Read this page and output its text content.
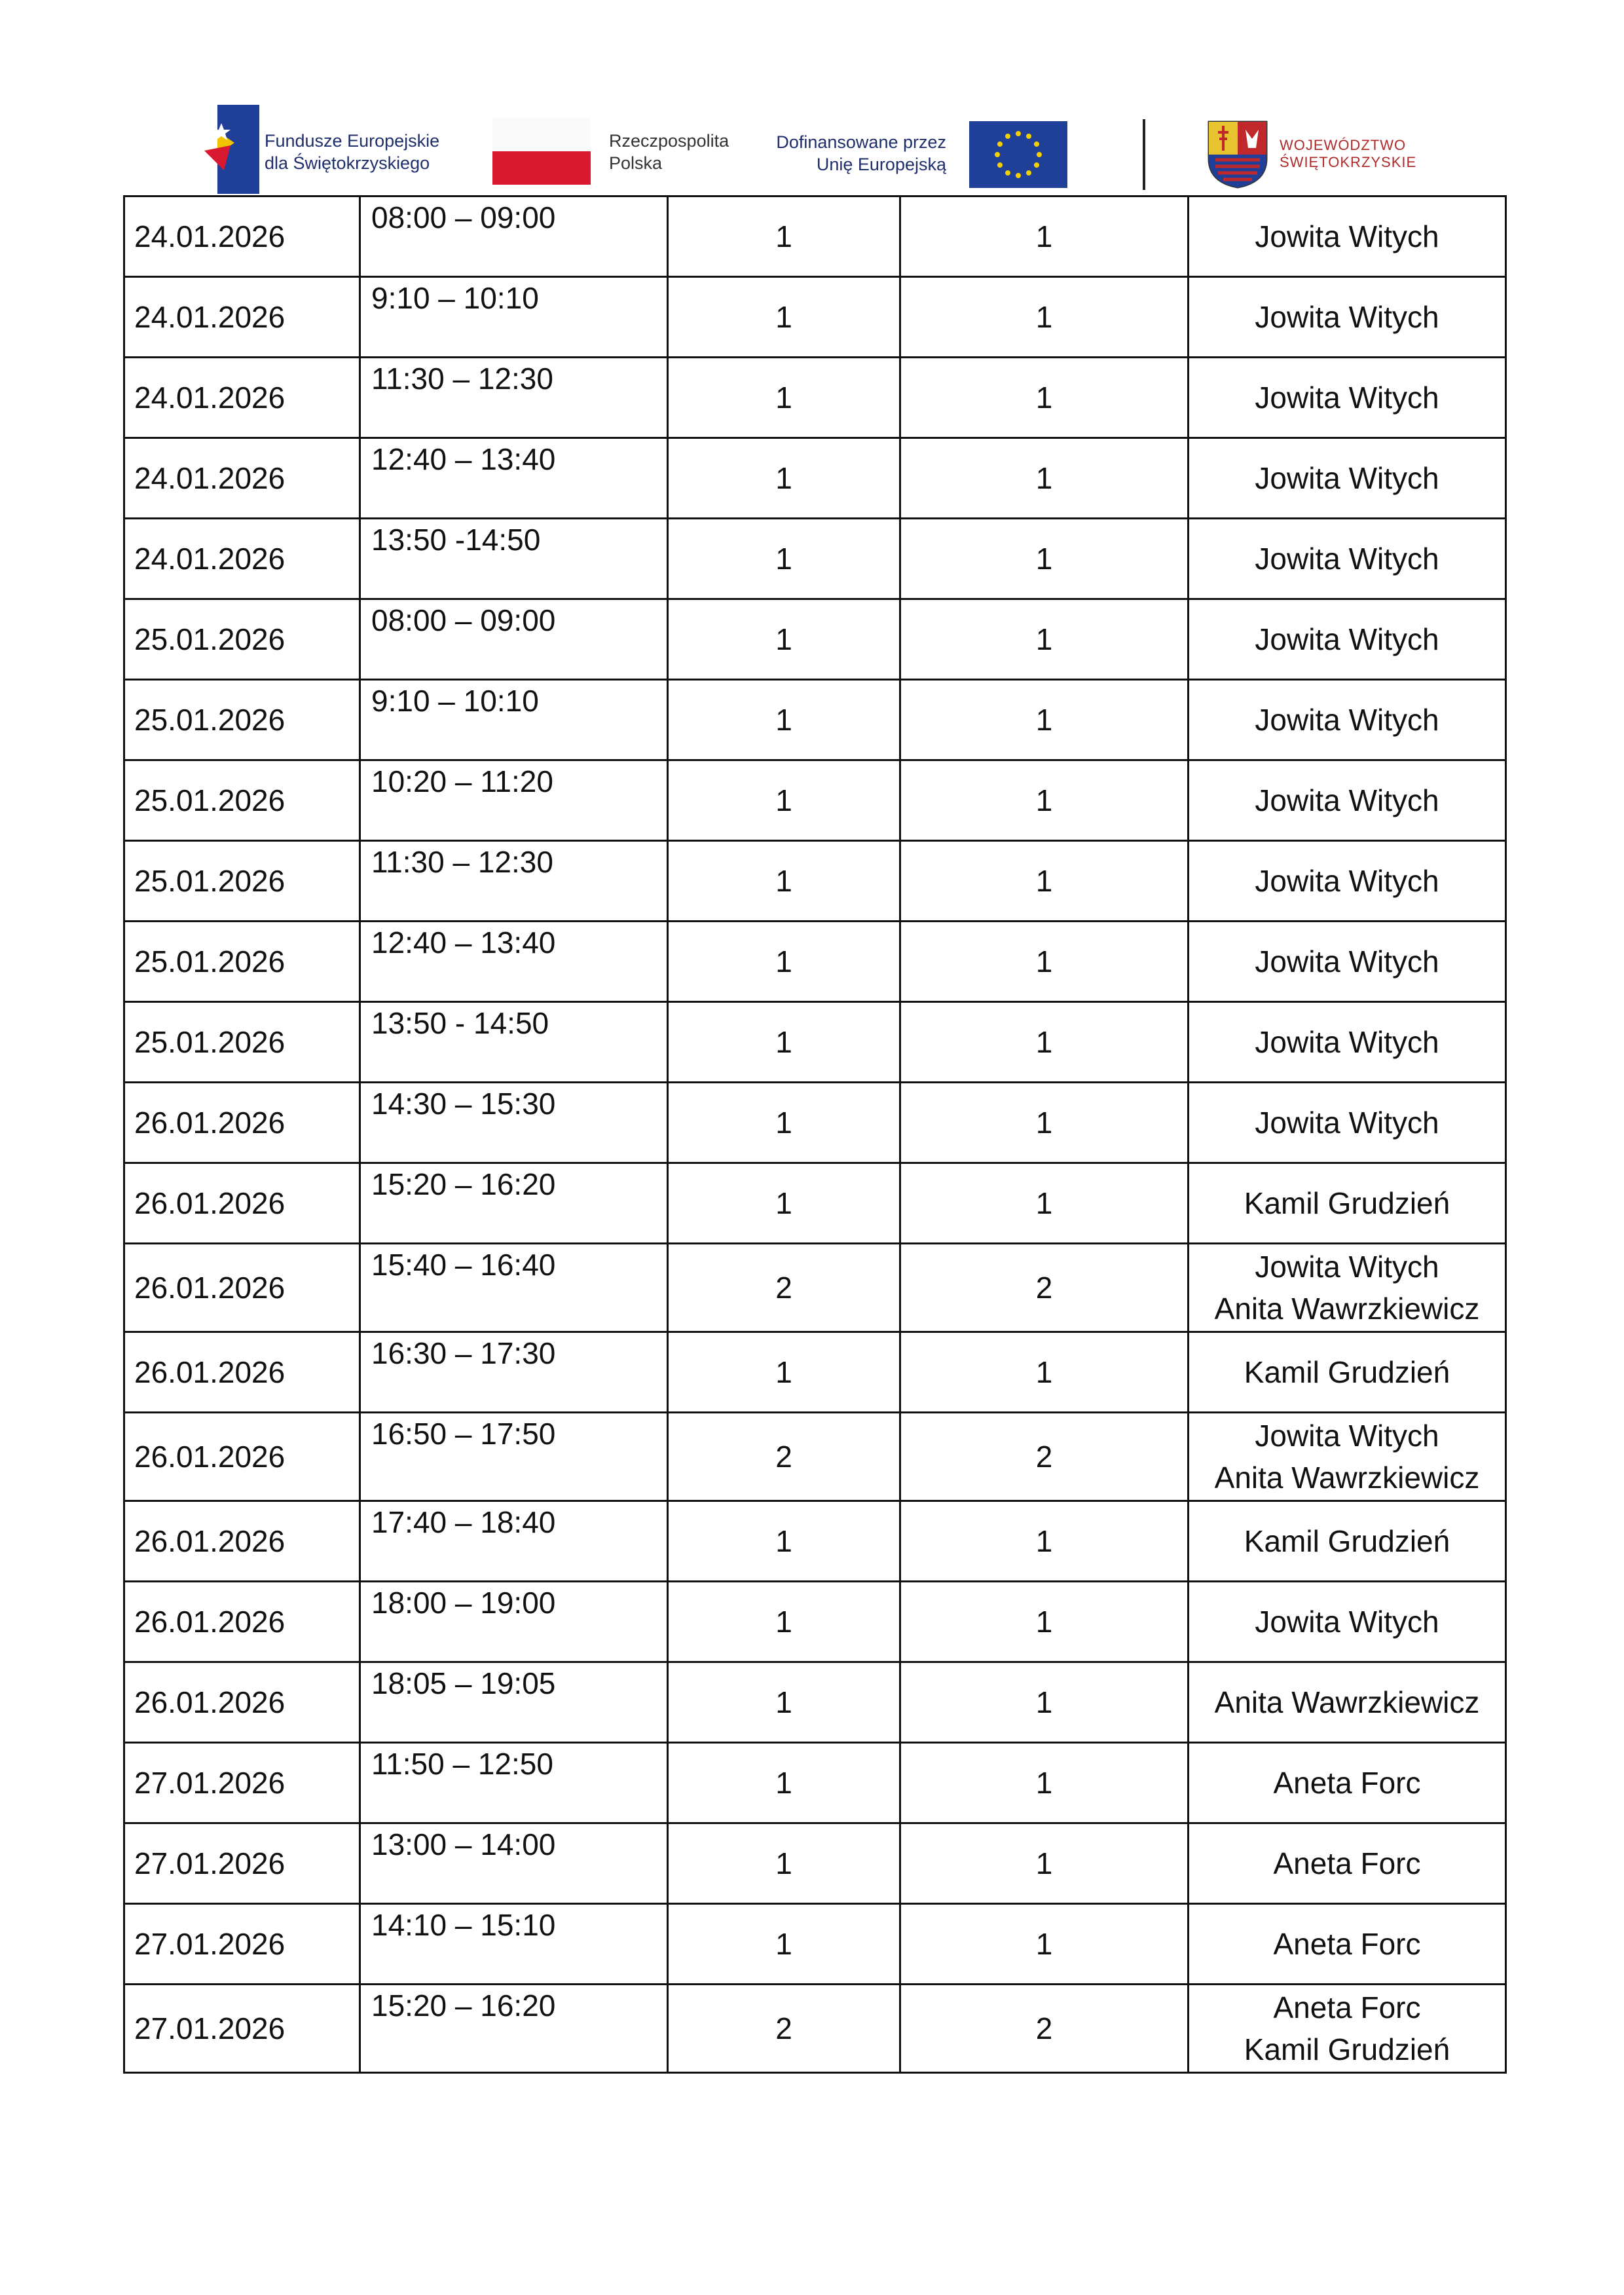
Fundusze Europejskie
dla Świętokrzyskiego
Rzeczpospolita
Polska
Dofinansowane przez
Unię Europejską
WOJEWÓDZTWO
ŚWIĘTOKRZYSKIE
24.01.2026	08:00 – 09:00	1	1	Jowita Witych

24.01.2026	9:10 – 10:10	1	1	Jowita Witych

24.01.2026	11:30 – 12:30	1	1	Jowita Witych

24.01.2026	12:40 – 13:40	1	1	Jowita Witych

24.01.2026	13:50 -14:50	1	1	Jowita Witych

25.01.2026	08:00 – 09:00	1	1	Jowita Witych

25.01.2026	9:10 – 10:10	1	1	Jowita Witych

25.01.2026	10:20 – 11:20	1	1	Jowita Witych

25.01.2026	11:30 – 12:30	1	1	Jowita Witych

25.01.2026	12:40 – 13:40	1	1	Jowita Witych

25.01.2026	13:50 - 14:50	1	1	Jowita Witych

26.01.2026	14:30 – 15:30	1	1	Jowita Witych

26.01.2026	15:20 – 16:20	1	1	Kamil Grudzień

26.01.2026	15:40 – 16:40	2	2	Jowita Witych
Anita Wawrzkiewicz

26.01.2026	16:30 – 17:30	1	1	Kamil Grudzień

26.01.2026	16:50 – 17:50	2	2	Jowita Witych
Anita Wawrzkiewicz

26.01.2026	17:40 – 18:40	1	1	Kamil Grudzień

26.01.2026	18:00 – 19:00	1	1	Jowita Witych

26.01.2026	18:05 – 19:05	1	1	Anita Wawrzkiewicz

27.01.2026	11:50 – 12:50	1	1	Aneta Forc

27.01.2026	13:00 – 14:00	1	1	Aneta Forc

27.01.2026	14:10 – 15:10	1	1	Aneta Forc

27.01.2026	15:20 – 16:20	2	2	Aneta Forc
Kamil Grudzień
